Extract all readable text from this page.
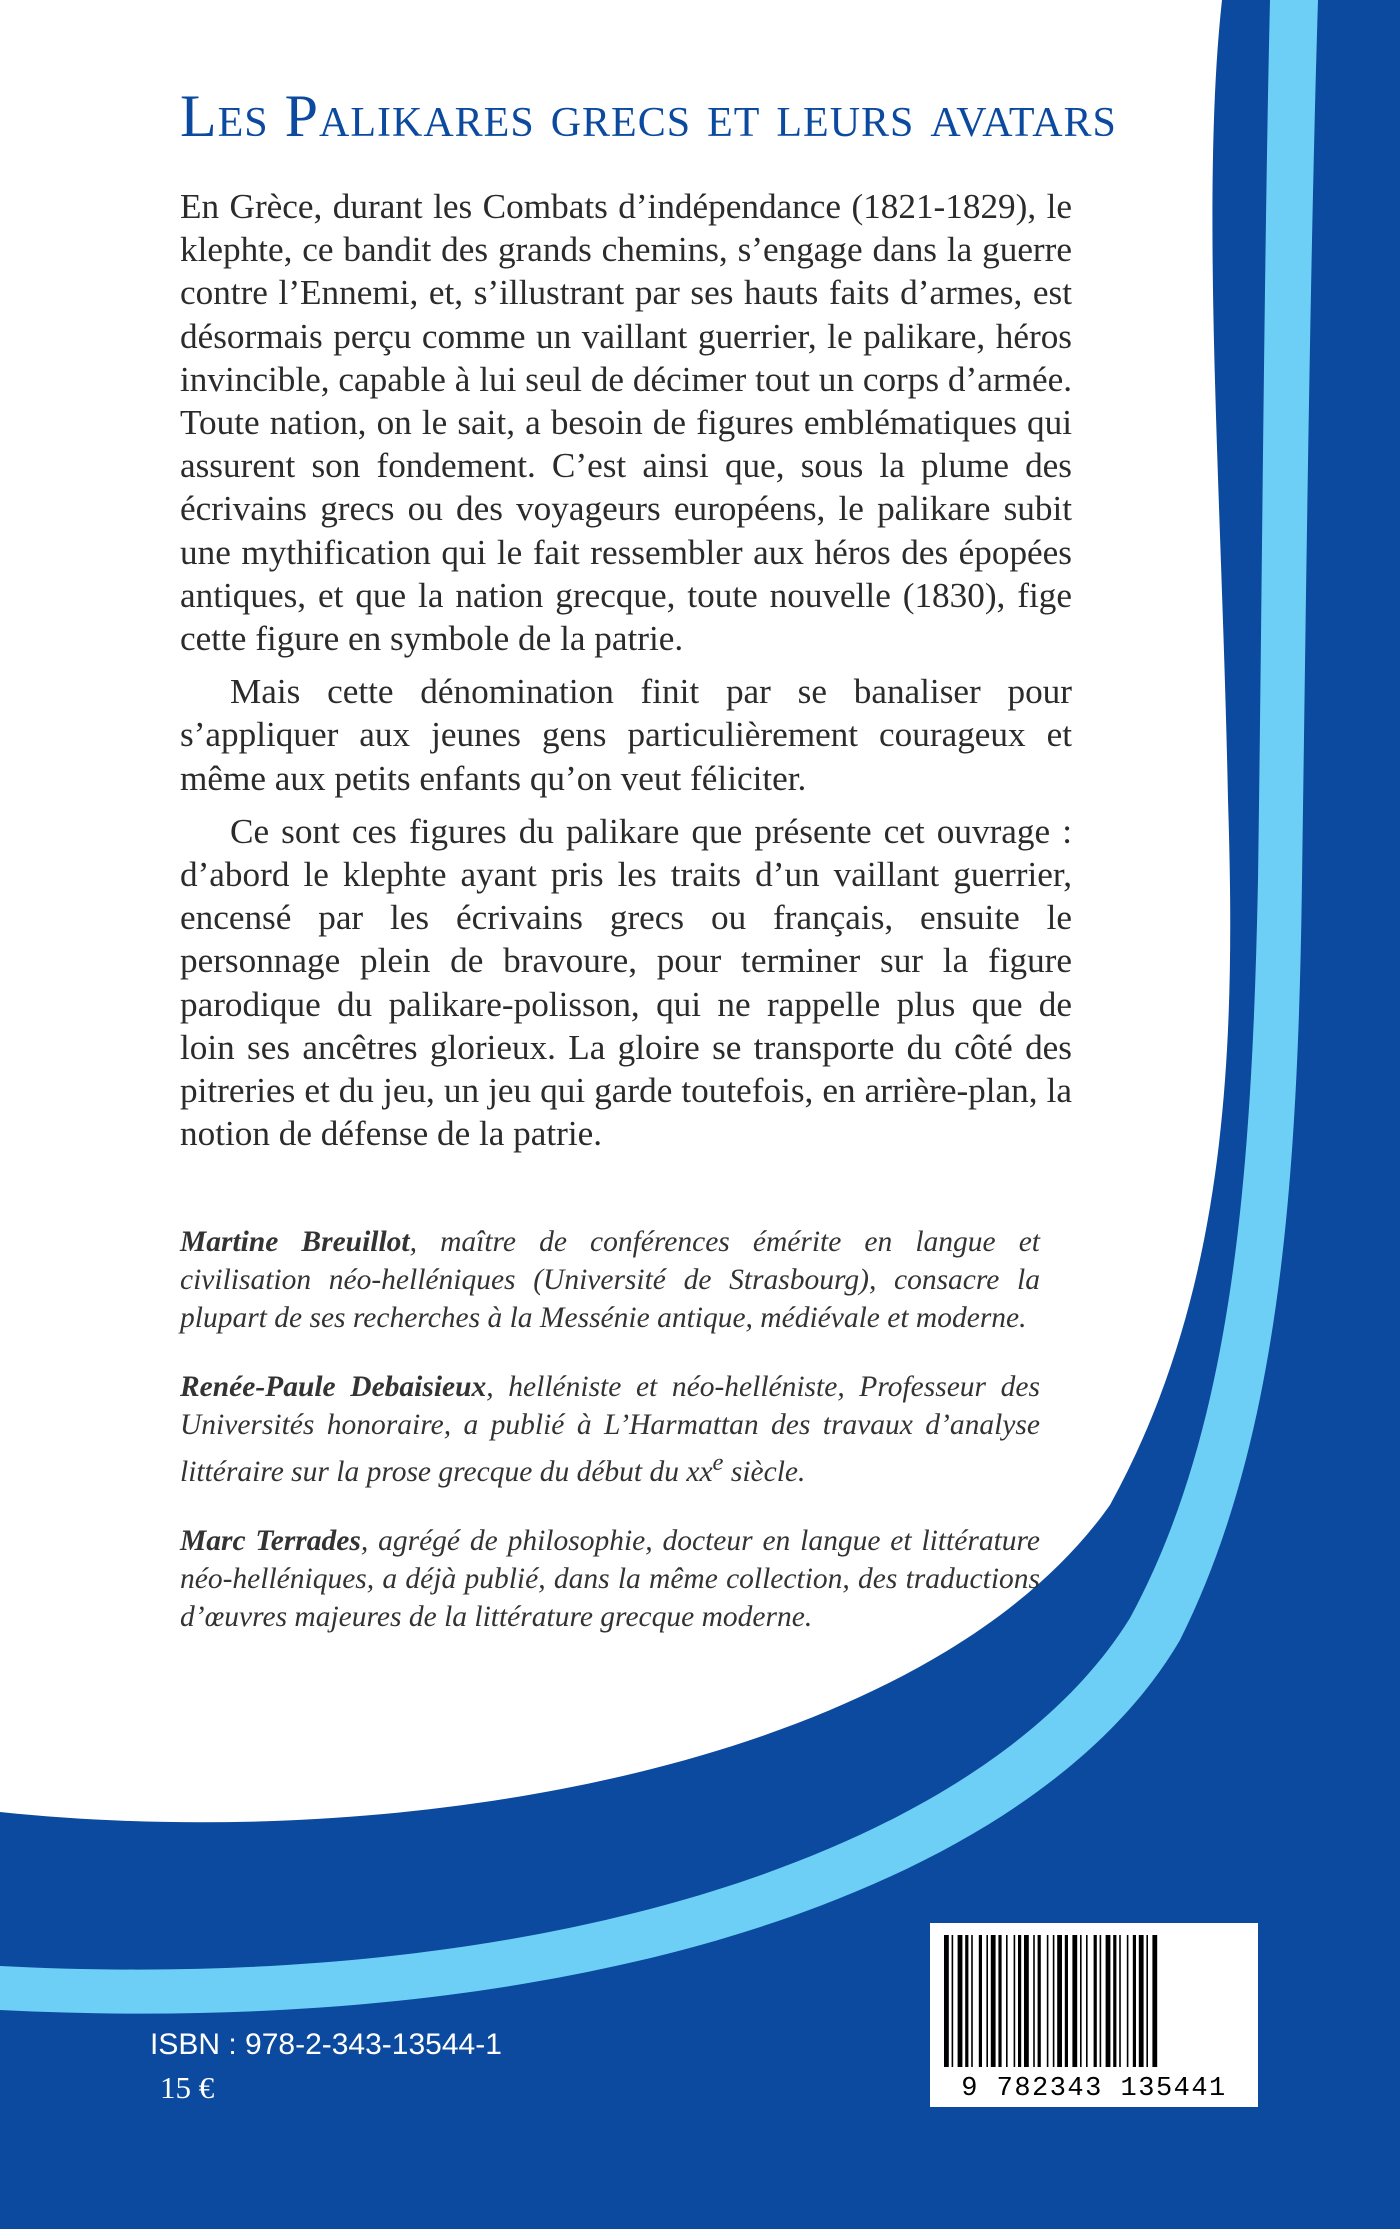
Les Palikares grecs et leurs avatars

En Grèce, durant les Combats d’indépendance (1821-1829), le klephte, ce bandit des grands chemins, s’engage dans la guerre contre l’Ennemi, et, s’illustrant par ses hauts faits d’armes, est désormais perçu comme un vaillant guerrier, le palikare, héros invincible, capable à lui seul de décimer tout un corps d’armée. Toute nation, on le sait, a besoin de figures emblématiques qui assurent son fondement. C’est ainsi que, sous la plume des écrivains grecs ou des voyageurs européens, le palikare subit une mythification qui le fait ressembler aux héros des épopées antiques, et que la nation grecque, toute nouvelle (1830), fige cette figure en symbole de la patrie.

Mais cette dénomination finit par se banaliser pour s’appliquer aux jeunes gens particulièrement courageux et même aux petits enfants qu’on veut féliciter.

Ce sont ces figures du palikare que présente cet ouvrage : d’abord le klephte ayant pris les traits d’un vaillant guerrier, encensé par les écrivains grecs ou français, ensuite le personnage plein de bravoure, pour terminer sur la figure parodique du palikare-polisson, qui ne rappelle plus que de loin ses ancêtres glorieux. La gloire se transporte du côté des pitreries et du jeu, un jeu qui garde toutefois, en arrière-plan, la notion de défense de la patrie.

Martine Breuillot, maître de conférences émérite en langue et civilisation néo-helléniques (Université de Strasbourg), consacre la plupart de ses recherches à la Messénie antique, médiévale et moderne.

Renée-Paule Debaisieux, helléniste et néo-helléniste, Professeur des Universités honoraire, a publié à L’Harmattan des travaux d’analyse littéraire sur la prose grecque du début du $xx^e$ siècle.

Marc Terrades, agrégé de philosophie, docteur en langue et littérature néo-helléniques, a déjà publié, dans la même collection, des traductions d’œuvres majeures de la littérature grecque moderne.

ISBN : 978-2-343-13544-1
15 €	9 782343 135441
